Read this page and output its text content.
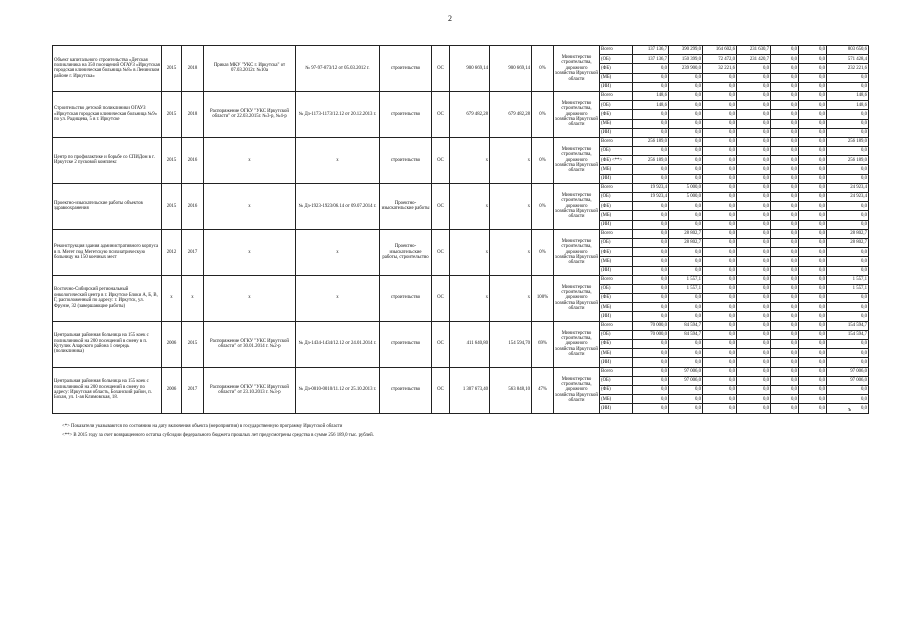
2
Объект капитального строительства «Детская поликлиника на 350 посещений ОГАУЗ «Иркутская городская клиническая больница №8» в Ленинском районе г. Иркутска»	2015	2018	Приказ МКУ "УКС г. Иркутска" от 07.03.2012г. №10а	№ 97-97-873/12 от 05.03.2012 г.	строительство	ОС	900 669,14	900 669,14	0%	Министерство строительства, дорожного хозяйства Иркутской области	Всего	137 136,7	390 299,0	164 602,6	231 630,7	0,0	0,0	803 650,6
											(ОБ)	137 136,7	150 399,0	72 472,0	231 420,7	0,0	0,0	571 428,4
											(ФБ)	0,0	239 900,0	32 221,6	0,0	0,0	0,0	232 221,6
											(МБ)	0,0	0,0	0,0	0,0	0,0	0,0	0,0
											(ИИ)	0,0	0,0	0,0	0,0	0,0	0,0	0,0
Строительство детской поликлиники ОГАУЗ «Иркутская городская клиническая больница №9» по ул. Радищева, 5 в г. Иркутске	2015	2018	Распоряжение ОГКУ "УКС Иркутской области" от 22.03.2015г. №3-р, №4-р	№ Дз-1173-1173/12.12 от 20.12.2013 г.	строительство	ОС	679 482,28	679 482,28	0%	Министерство строительства, дорожного хозяйства Иркутской области	Всего	148,6	0,0	0,0	0,0	0,0	0,0	148,6
											(ОБ)	148,6	0,0	0,0	0,0	0,0	0,0	148,6
											(ФБ)	0,0	0,0	0,0	0,0	0,0	0,0	0,0
											(МБ)	0,0	0,0	0,0	0,0	0,0	0,0	0,0
											(ИИ)	0,0	0,0	0,0	0,0	0,0	0,0	0,0
Центр по профилактике и борьбе со СПИДом в г. Иркутске 2 пусковой комплекс	2015	2016	x	x	строительство	ОС	x	x	0%	Министерство строительства, дорожного хозяйства Иркутской области	Всего	256 189,0	0,0	0,0	0,0	0,0	0,0	256 189,0
											(ОБ)	0,0	0,0	0,0	0,0	0,0	0,0	0,0
											(ФБ) <**>	256 189,0	0,0	0,0	0,0	0,0	0,0	256 189,0
											(МБ)	0,0	0,0	0,0	0,0	0,0	0,0	0,0
											(ИИ)	0,0	0,0	0,0	0,0	0,0	0,0	0,0
Проектно-изыскательские работы объектов здравоохранения	2015	2016	x	№ Дз-1923-1923/06.14 от 09.07.2014 г.	Проектно-изыскательские работы	ОС	x	x	0%	Министерство строительства, дорожного хозяйства Иркутской области	Всего	19 923,4	5 000,0	0,0	0,0	0,0	0,0	24 923,4
											(ОБ)	19 923,4	5 000,0	0,0	0,0	0,0	0,0	24 923,4
											(ФБ)	0,0	0,0	0,0	0,0	0,0	0,0	0,0
											(МБ)	0,0	0,0	0,0	0,0	0,0	0,0	0,0
											(ИИ)	0,0	0,0	0,0	0,0	0,0	0,0	0,0
Реконструкция здания административного корпуса в п. Мегет под Мегетскую психиатрическую больницу на 150 коечных мест	2012	2017	x	x	Проектно-изыскательские работы, строительство	ОС	x	x	0%	Министерство строительства, дорожного хозяйства Иркутской области	Всего	0,0	28 802,7	0,0	0,0	0,0	0,0	28 802,7
											(ОБ)	0,0	28 802,7	0,0	0,0	0,0	0,0	28 802,7
											(ФБ)	0,0	0,0	0,0	0,0	0,0	0,0	0,0
											(МБ)	0,0	0,0	0,0	0,0	0,0	0,0	0,0
											(ИИ)	0,0	0,0	0,0	0,0	0,0	0,0	0,0
Восточно-Сибирский региональный онкологический центр в г. Иркутске Блоки А, Б, В, Г, расположенный по адресу: г. Иркутск, ул. Фрунзе, 32 (завершающие работы)	x	x	x	x	строительство	ОС	x	x	100%	Министерство строительства, дорожного хозяйства Иркутской области	Всего	0,0	1 557,1	0,0	0,0	0,0	0,0	1 557,1
											(ОБ)	0,0	1 557,1	0,0	0,0	0,0	0,0	1 557,1
											(ФБ)	0,0	0,0	0,0	0,0	0,0	0,0	0,0
											(МБ)	0,0	0,0	0,0	0,0	0,0	0,0	0,0
											(ИИ)	0,0	0,0	0,0	0,0	0,0	0,0	0,0
Центральная районная больница на 155 коек с поликлиникой на 200 посещений в смену в п. Кутулик Аларского района 1 очередь (поликлиника)	2006	2015	Распоряжение ОГКУ "УКС Иркутской области" от 30.01.2014 г. №2-р	№ Дз-1434-1434/12.12 от 24.01.2014 г.	строительство	ОС	411 640,80	154 594,70	69%	Министерство строительства, дорожного хозяйства Иркутской области	Всего	70 000,0	84 594,7	0,0	0,0	0,0	0,0	154 594,7
											(ОБ)	70 000,0	84 594,7	0,0	0,0	0,0	0,0	154 594,7
											(ФБ)	0,0	0,0	0,0	0,0	0,0	0,0	0,0
											(МБ)	0,0	0,0	0,0	0,0	0,0	0,0	0,0
											(ИИ)	0,0	0,0	0,0	0,0	0,0	0,0	0,0
Центральная районная больница на 155 коек с поликлиникой на 200 посещений в смену по адресу: Иркутская область, Боханский район, п. Бохан, ул. 1-ая Климовская, 18.	2006	2017	Распоряжение ОГКУ "УКС Иркутской области" от 23.10.2013 г. №3-р	№ Дз-0010-0010/11.12 от 25.10.2013 г.	строительство	ОС	1 307 673,40	563 848,10	47%	Министерство строительства, дорожного хозяйства Иркутской области	Всего	0,0	97 006,0	0,0	0,0	0,0	0,0	97 006,0
											(ОБ)	0,0	97 006,0	0,0	0,0	0,0	0,0	97 006,0
											(ФБ)	0,0	0,0	0,0	0,0	0,0	0,0	0,0
											(МБ)	0,0	0,0	0,0	0,0	0,0	0,0	0,0
											(ИИ)	0,0	0,0	0,0	0,0	0,0	0,0	0,0
<*> Показатели указываются по состоянию на дату включения объекта (мероприятия) в государственную программу Иркутской области
<**> В 2015 году за счет возвращенного остатка субсидии федерального бюджета прошлых лет предусмотрены средства в сумме 256 189,0 тыс. рублей.
ъ
